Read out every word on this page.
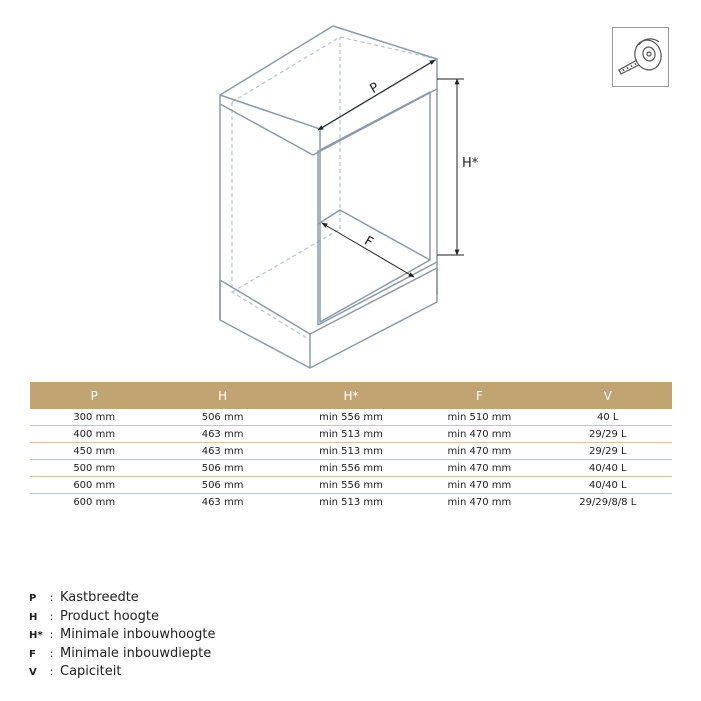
P
H*
F
P	H	H*	F	V
300 mm	506 mm	min 556 mm	min 510 mm	40 L
400 mm	463 mm	min 513 mm	min 470 mm	29/29 L
450 mm	463 mm	min 513 mm	min 470 mm	29/29 L
500 mm	506 mm	min 556 mm	min 470 mm	40/40 L
600 mm	506 mm	min 556 mm	min 470 mm	40/40 L
600 mm	463 mm	min 513 mm	min 470 mm	29/29/8/8 L
P	: Kastbreedte
H	: Product hoogte
H* : Minimale inbouwhoogte
F	: Minimale inbouwdiepte
V	: Capiciteit
